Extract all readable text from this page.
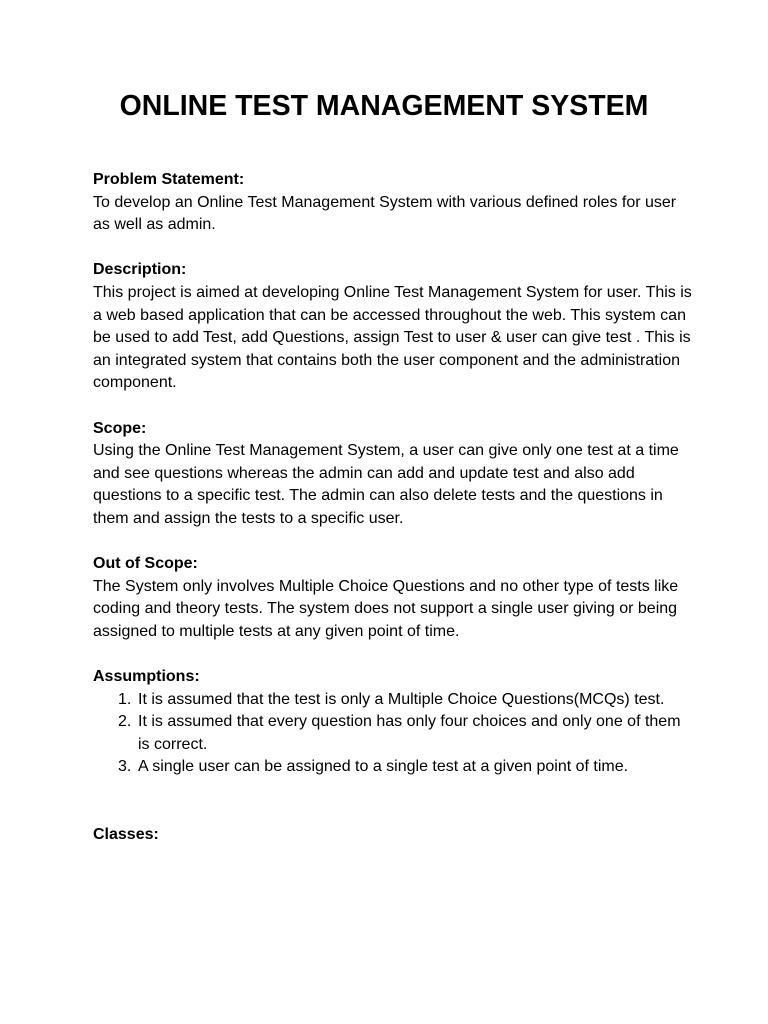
ONLINE TEST MANAGEMENT SYSTEM

Problem Statement:

To develop an Online Test Management System with various defined roles for user as well as admin.

Description:

This project is aimed at developing Online Test Management System for user. This is a web based application that can be accessed throughout the web. This system can be used to add Test, add Questions, assign Test to user & user can give test . This is an integrated system that contains both the user component and the administration component.

Scope:

Using the Online Test Management System, a user can give only one test at a time and see questions whereas the admin can add and update test and also add questions to a specific test. The admin can also delete tests and the questions in them and assign the tests to a specific user.

Out of Scope:

The System only involves Multiple Choice Questions and no other type of tests like coding and theory tests. The system does not support a single user giving or being assigned to multiple tests at any given point of time.

Assumptions:

1. It is assumed that the test is only a Multiple Choice Questions(MCQs) test.
2. It is assumed that every question has only four choices and only one of them is correct.
3. A single user can be assigned to a single test at a given point of time.

Classes:
